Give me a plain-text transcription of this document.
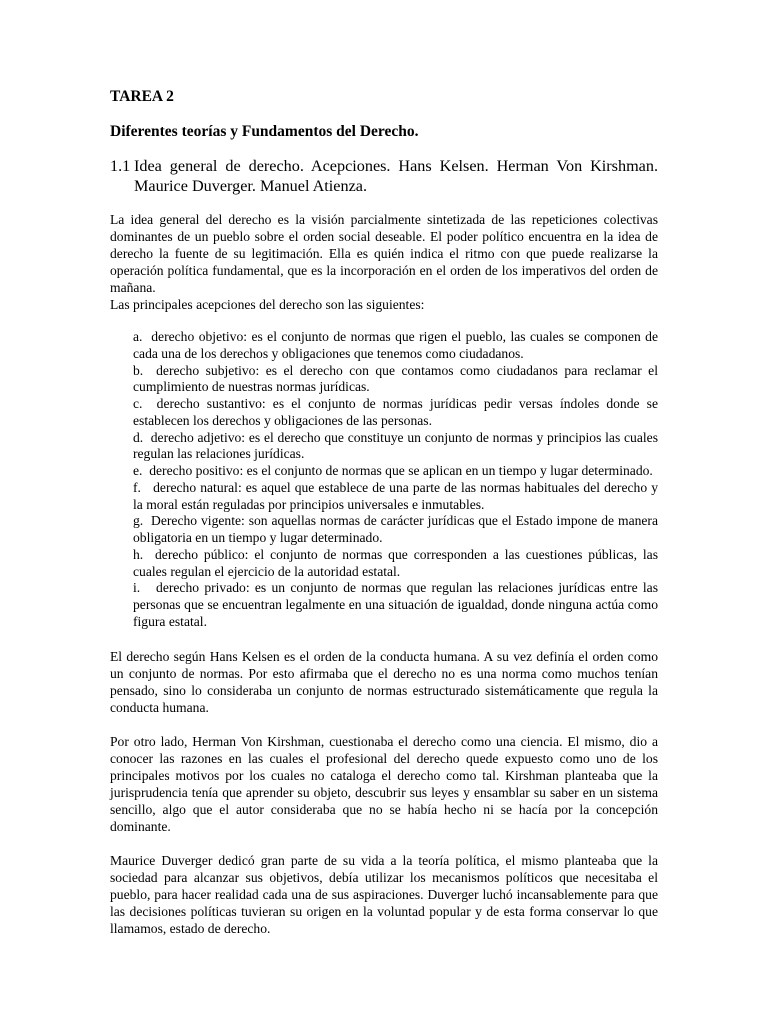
TAREA 2
Diferentes teorías y Fundamentos del Derecho.
1.1 Idea general de derecho. Acepciones. Hans Kelsen. Herman Von Kirshman. Maurice Duverger. Manuel Atienza.

La idea general del derecho es la visión parcialmente sintetizada de las repeticiones colectivas dominantes de un pueblo sobre el orden social deseable. El poder político encuentra en la idea de derecho la fuente de su legitimación. Ella es quién indica el ritmo con que puede realizarse la operación política fundamental, que es la incorporación en el orden de los imperativos del orden de mañana.

Las principales acepciones del derecho son las siguientes:

a.  derecho objetivo: es el conjunto de normas que rigen el pueblo, las cuales se componen de cada una de los derechos y obligaciones que tenemos como ciudadanos.
b.  derecho subjetivo: es el derecho con que contamos como ciudadanos para reclamar el cumplimiento de nuestras normas jurídicas.
c.  derecho sustantivo: es el conjunto de normas jurídicas pedir versas índoles donde se establecen los derechos y obligaciones de las personas.
d.  derecho adjetivo: es el derecho que constituye un conjunto de normas y principios las cuales regulan las relaciones jurídicas.
e.  derecho positivo: es el conjunto de normas que se aplican en un tiempo y lugar determinado.
f.   derecho natural: es aquel que establece de una parte de las normas habituales del derecho y la moral están reguladas por principios universales e inmutables.
g.  Derecho vigente: son aquellas normas de carácter jurídicas que el Estado impone de manera obligatoria en un tiempo y lugar determinado.
h.  derecho público: el conjunto de normas que corresponden a las cuestiones públicas, las cuales regulan el ejercicio de la autoridad estatal.
i.   derecho privado: es un conjunto de normas que regulan las relaciones jurídicas entre las personas que se encuentran legalmente en una situación de igualdad, donde ninguna actúa como figura estatal.

El derecho según Hans Kelsen es el orden de la conducta humana. A su vez definía el orden como un conjunto de normas. Por esto afirmaba que el derecho no es una norma como muchos tenían pensado, sino lo consideraba un conjunto de normas estructurado sistemáticamente que regula la conducta humana.

Por otro lado, Herman Von Kirshman, cuestionaba el derecho como una ciencia. El mismo, dio a conocer las razones en las cuales el profesional del derecho quede expuesto como uno de los principales motivos por los cuales no cataloga el derecho como tal. Kirshman planteaba que la jurisprudencia tenía que aprender su objeto, descubrir sus leyes y ensamblar su saber en un sistema sencillo, algo que el autor consideraba que no se había hecho ni se hacía por la concepción dominante.

Maurice Duverger dedicó gran parte de su vida a la teoría política, el mismo planteaba que la sociedad para alcanzar sus objetivos, debía utilizar los mecanismos políticos que necesitaba el pueblo, para hacer realidad cada una de sus aspiraciones. Duverger luchó incansablemente para que las decisiones políticas tuvieran su origen en la voluntad popular y de esta forma conservar lo que llamamos, estado de derecho.
